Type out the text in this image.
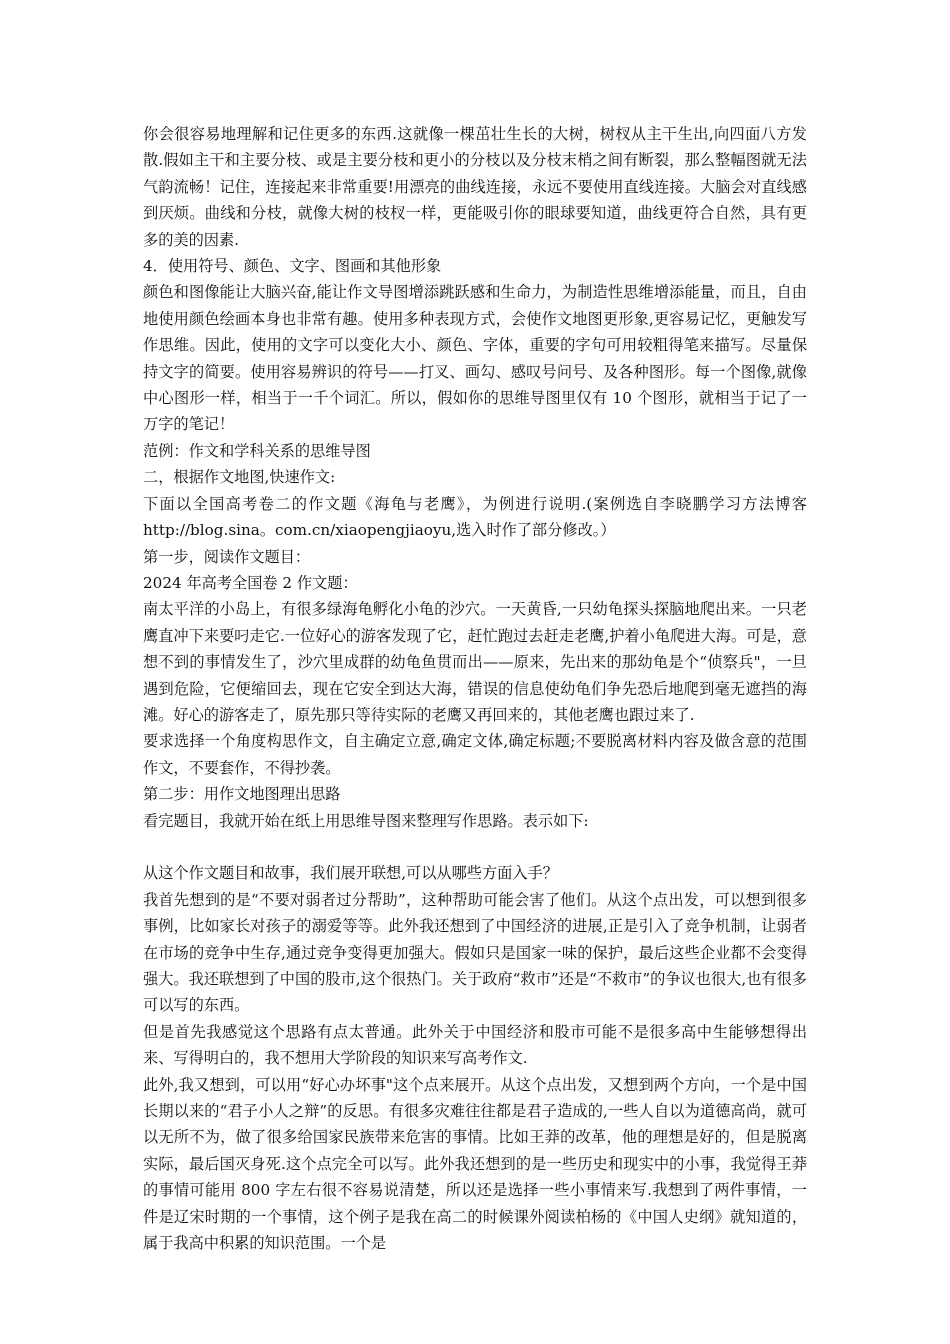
你会很容易地理解和记住更多的东西.这就像一棵茁壮生长的大树，树杈从主干生出,向四面八方发散.假如主干和主要分枝、或是主要分枝和更小的分枝以及分枝末梢之间有断裂，那么整幅图就无法气韵流畅！记住，连接起来非常重要!用漂亮的曲线连接，永远不要使用直线连接。大脑会对直线感到厌烦。曲线和分枝，就像大树的枝杈一样，更能吸引你的眼球要知道，曲线更符合自然，具有更多的美的因素.

4．使用符号、颜色、文字、图画和其他形象

颜色和图像能让大脑兴奋,能让作文导图增添跳跃感和生命力，为制造性思维增添能量，而且，自由地使用颜色绘画本身也非常有趣。使用多种表现方式，会使作文地图更形象,更容易记忆，更触发写作思维。因此，使用的文字可以变化大小、颜色、字体，重要的字句可用较粗得笔来描写。尽量保持文字的简要。使用容易辨识的符号——打叉、画勾、感叹号问号、及各种图形。每一个图像,就像中心图形一样，相当于一千个词汇。所以，假如你的思维导图里仅有 10 个图形，就相当于记了一万字的笔记！

范例：作文和学科关系的思维导图

二，根据作文地图,快速作文:

下面以全国高考卷二的作文题《海龟与老鹰》，为例进行说明.(案例选自李晓鹏学习方法博客 http://blog.sina。com.cn/xiaopengjiaoyu,选入时作了部分修改。）

第一步，阅读作文题目：

2024 年高考全国卷 2 作文题：

南太平洋的小岛上，有很多绿海龟孵化小龟的沙穴。一天黄昏,一只幼龟探头探脑地爬出来。一只老鹰直冲下来要叼走它.一位好心的游客发现了它，赶忙跑过去赶走老鹰,护着小龟爬进大海。可是，意想不到的事情发生了，沙穴里成群的幼龟鱼贯而出——原来，先出来的那幼龟是个“侦察兵"，一旦遇到危险，它便缩回去，现在它安全到达大海，错误的信息使幼龟们争先恐后地爬到毫无遮挡的海滩。好心的游客走了，原先那只等待实际的老鹰又再回来的，其他老鹰也跟过来了.

要求选择一个角度构思作文，自主确定立意,确定文体,确定标题;不要脱离材料内容及做含意的范围作文，不要套作，不得抄袭。

第二步：用作文地图理出思路

看完题目，我就开始在纸上用思维导图来整理写作思路。表示如下:

从这个作文题目和故事，我们展开联想,可以从哪些方面入手？

我首先想到的是“不要对弱者过分帮助”，这种帮助可能会害了他们。从这个点出发，可以想到很多事例，比如家长对孩子的溺爱等等。此外我还想到了中国经济的进展,正是引入了竞争机制，让弱者在市场的竞争中生存,通过竞争变得更加强大。假如只是国家一味的保护，最后这些企业都不会变得强大。我还联想到了中国的股市,这个很热门。关于政府“救市”还是“不救市”的争议也很大,也有很多可以写的东西。

但是首先我感觉这个思路有点太普通。此外关于中国经济和股市可能不是很多高中生能够想得出来、写得明白的，我不想用大学阶段的知识来写高考作文.

此外,我又想到，可以用“好心办坏事"这个点来展开。从这个点出发，又想到两个方向，一个是中国长期以来的“君子小人之辩”的反思。有很多灾难往往都是君子造成的,一些人自以为道德高尚，就可以无所不为，做了很多给国家民族带来危害的事情。比如王莽的改革，他的理想是好的，但是脱离实际，最后国灭身死.这个点完全可以写。此外我还想到的是一些历史和现实中的小事，我觉得王莽的事情可能用 800 字左右很不容易说清楚，所以还是选择一些小事情来写.我想到了两件事情，一件是辽宋时期的一个事情，这个例子是我在高二的时候课外阅读柏杨的《中国人史纲》就知道的，属于我高中积累的知识范围。一个是
